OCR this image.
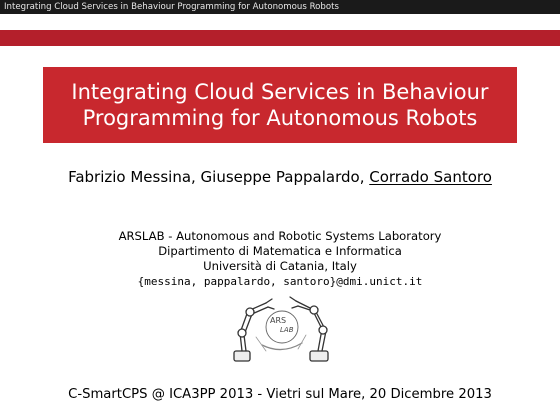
Integrating Cloud Services in Behaviour Programming for Autonomous Robots
Integrating Cloud Services in Behaviour Programming for Autonomous Robots
Fabrizio Messina, Giuseppe Pappalardo, Corrado Santoro
ARSLAB - Autonomous and Robotic Systems Laboratory
Dipartimento di Matematica e Informatica
Università di Catania, Italy
{messina, pappalardo, santoro}@dmi.unict.it
ARS
LAB
C-SmartCPS @ ICA3PP 2013 - Vietri sul Mare, 20 Dicembre 2013
